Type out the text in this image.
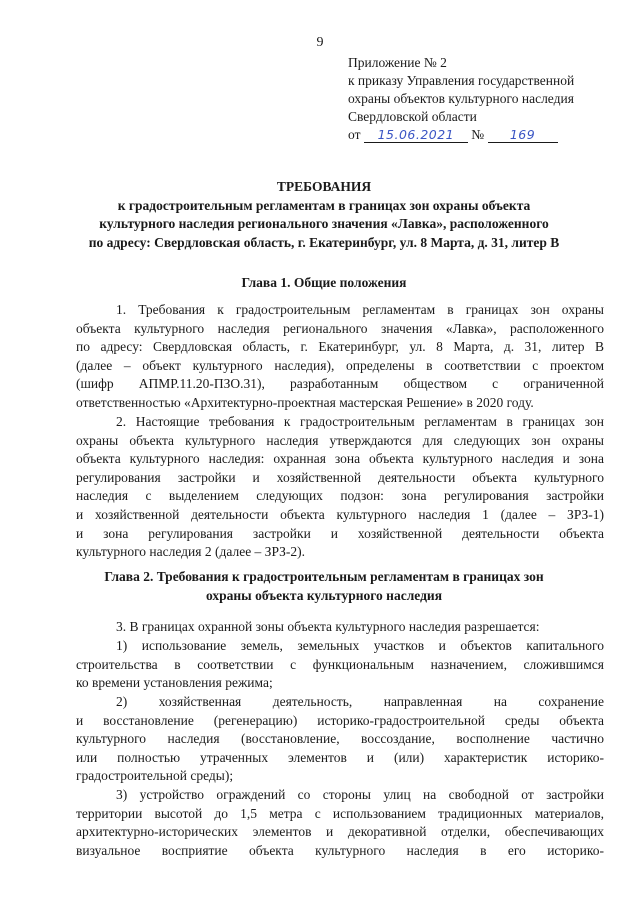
9
Приложение № 2
к приказу Управления государственной
охраны объектов культурного наследия
Свердловской области
от 15.06.2021 № 169
ТРЕБОВАНИЯ
к градостроительным регламентам в границах зон охраны объекта
культурного наследия регионального значения «Лавка», расположенного
по адресу: Свердловская область, г. Екатеринбург, ул. 8 Марта, д. 31, литер В
Глава 1. Общие положения
1. Требования к градостроительным регламентам в границах зон охраны
объекта культурного наследия регионального значения «Лавка», расположенного
по адресу: Свердловская область, г. Екатеринбург, ул. 8 Марта, д. 31, литер В
(далее – объект культурного наследия), определены в соответствии с проектом
(шифр АПМР.11.20-ПЗО.31), разработанным обществом с ограниченной
ответственностью «Архитектурно-проектная мастерская Решение» в 2020 году.
2. Настоящие требования к градостроительным регламентам в границах зон
охраны объекта культурного наследия утверждаются для следующих зон охраны
объекта культурного наследия: охранная зона объекта культурного наследия и зона
регулирования застройки и хозяйственной деятельности объекта культурного
наследия с выделением следующих подзон: зона регулирования застройки
и хозяйственной деятельности объекта культурного наследия 1 (далее – ЗРЗ-1)
и зона регулирования застройки и хозяйственной деятельности объекта
культурного наследия 2 (далее – ЗРЗ-2).
Глава 2. Требования к градостроительным регламентам в границах зон
охраны объекта культурного наследия
3. В границах охранной зоны объекта культурного наследия разрешается:
1) использование земель, земельных участков и объектов капитального
строительства в соответствии с функциональным назначением, сложившимся
ко времени установления режима;
2) хозяйственная деятельность, направленная на сохранение
и восстановление (регенерацию) историко-градостроительной среды объекта
культурного наследия (восстановление, воссоздание, восполнение частично
или полностью утраченных элементов и (или) характеристик историко-
градостроительной среды);
3) устройство ограждений со стороны улиц на свободной от застройки
территории высотой до 1,5 метра с использованием традиционных материалов,
архитектурно-исторических элементов и декоративной отделки, обеспечивающих
визуальное восприятие объекта культурного наследия в его историко-
